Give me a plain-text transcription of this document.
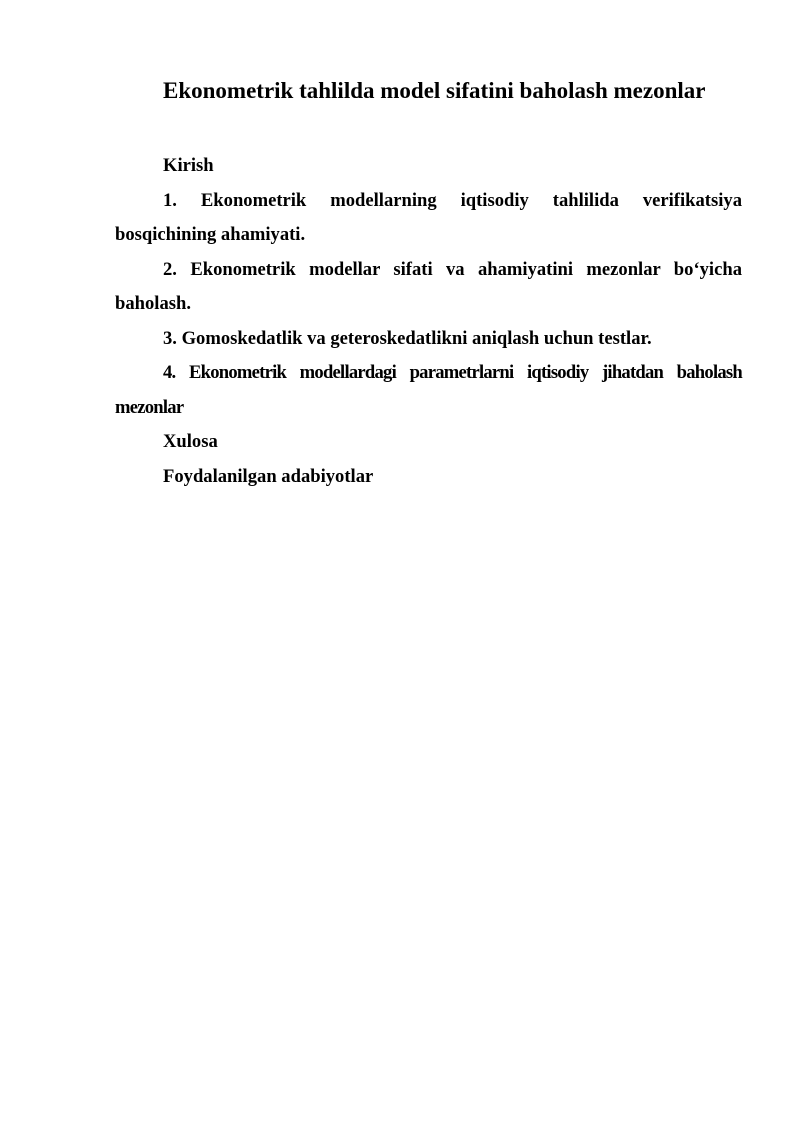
Ekonometrik tahlilda model sifatini baholash mezonlar

Kirish

1. Ekonometrik modellarning iqtisodiy tahlilida verifikatsiya bosqichining ahamiyati.

2. Ekonometrik modellar sifati va ahamiyatini mezonlar bo‘yicha baholash.

3. Gomoskedatlik va geteroskedatlikni aniqlash uchun testlar.

4. Ekonometrik modellardagi parametrlarni iqtisodiy jihatdan baholash mezonlar

Xulosa

Foydalanilgan adabiyotlar
